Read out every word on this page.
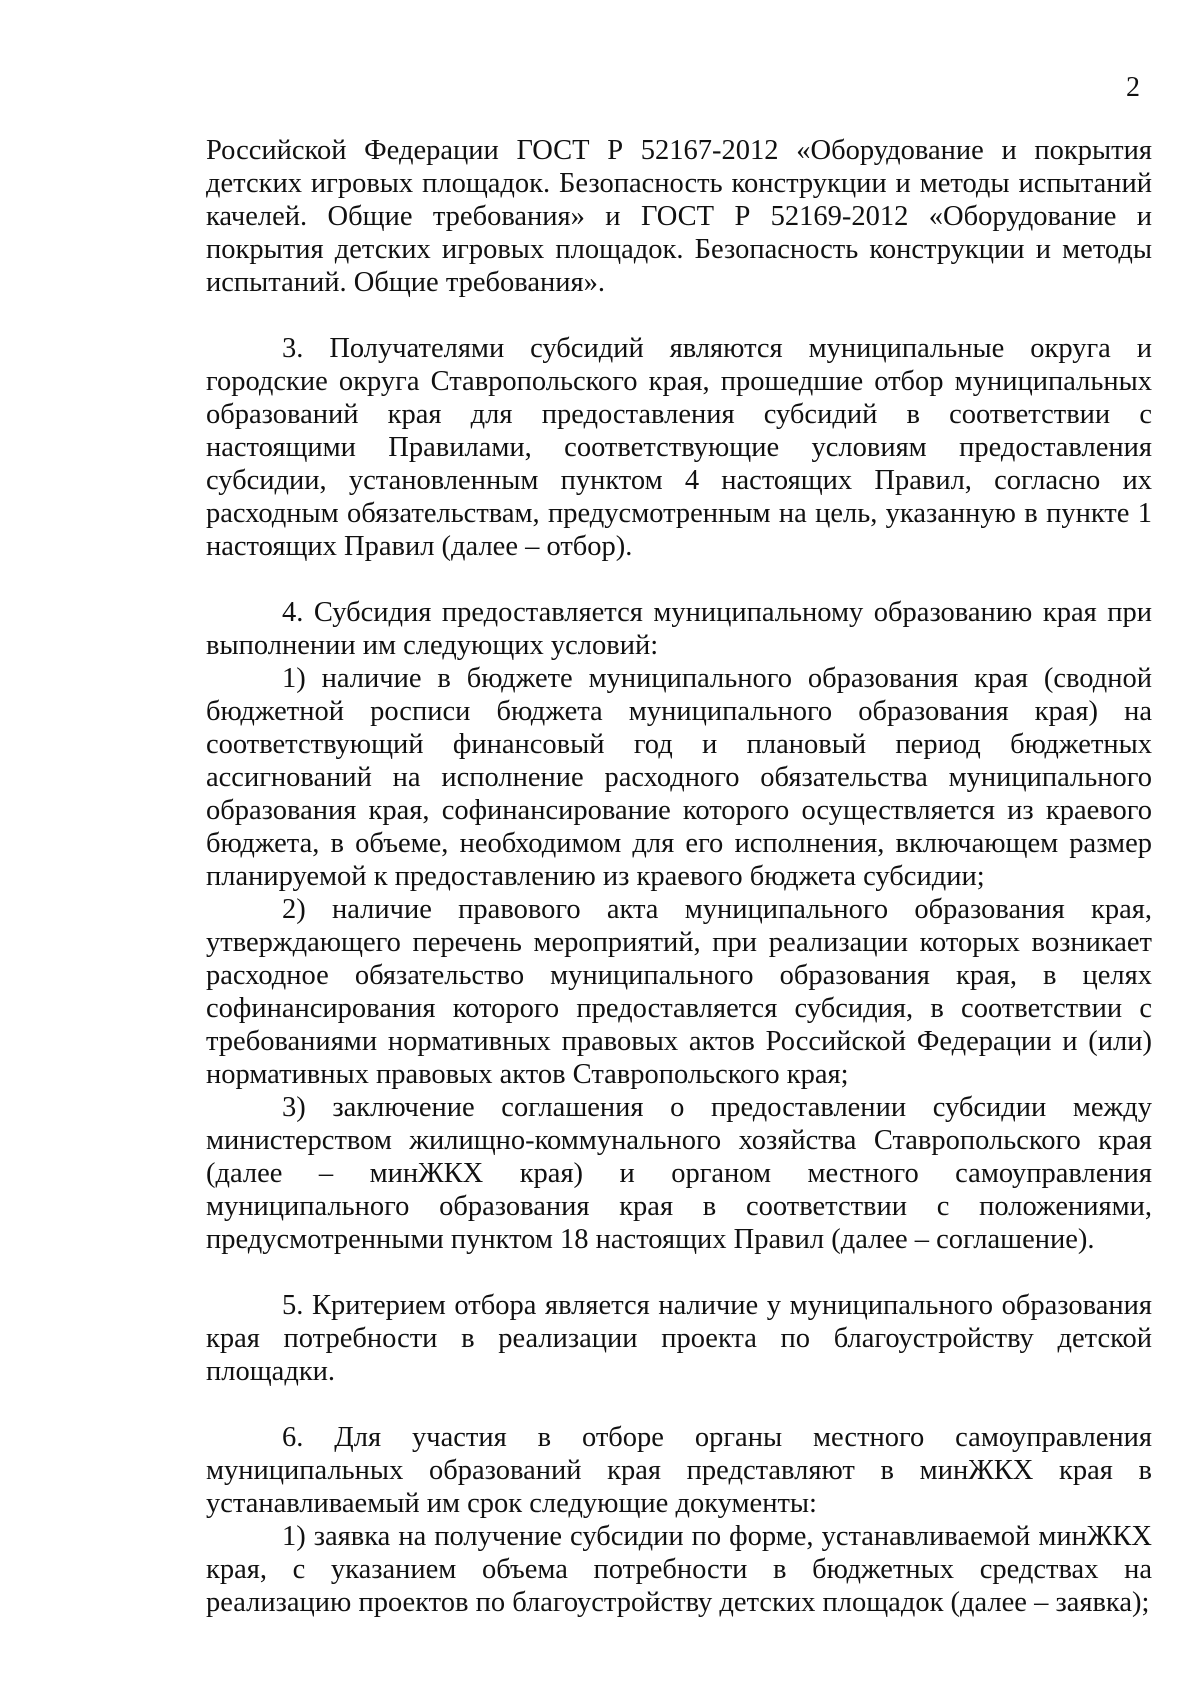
2

Российской Федерации ГОСТ Р 52167-2012 «Оборудование и покрытия детских игровых площадок. Безопасность конструкции и методы испытаний качелей. Общие требования» и ГОСТ Р 52169-2012 «Оборудование и покрытия детских игровых площадок. Безопасность конструкции и методы испытаний. Общие требования».

3. Получателями субсидий являются муниципальные округа и городские округа Ставропольского края, прошедшие отбор муниципальных образований края для предоставления субсидий в соответствии с настоящими Правилами, соответствующие условиям предоставления субсидии, установленным пунктом 4 настоящих Правил, согласно их расходным обязательствам, предусмотренным на цель, указанную в пункте 1 настоящих Правил (далее – отбор).

4. Субсидия предоставляется муниципальному образованию края при выполнении им следующих условий:

1) наличие в бюджете муниципального образования края (сводной бюджетной росписи бюджета муниципального образования края) на соответствующий финансовый год и плановый период бюджетных ассигнований на исполнение расходного обязательства муниципального образования края, софинансирование которого осуществляется из краевого бюджета, в объеме, необходимом для его исполнения, включающем размер планируемой к предоставлению из краевого бюджета субсидии;

2) наличие правового акта муниципального образования края, утверждающего перечень мероприятий, при реализации которых возникает расходное обязательство муниципального образования края, в целях софинансирования которого предоставляется субсидия, в соответствии с требованиями нормативных правовых актов Российской Федерации и (или) нормативных правовых актов Ставропольского края;

3) заключение соглашения о предоставлении субсидии между министерством жилищно-коммунального хозяйства Ставропольского края (далее – минЖКХ края) и органом местного самоуправления муниципального образования края в соответствии с положениями, предусмотренными пунктом 18 настоящих Правил (далее – соглашение).

5. Критерием отбора является наличие у муниципального образования края потребности в реализации проекта по благоустройству детской площадки.

6. Для участия в отборе органы местного самоуправления муниципальных образований края представляют в минЖКХ края в устанавливаемый им срок следующие документы:

1) заявка на получение субсидии по форме, устанавливаемой минЖКХ края, с указанием объема потребности в бюджетных средствах на реализацию проектов по благоустройству детских площадок (далее – заявка);
